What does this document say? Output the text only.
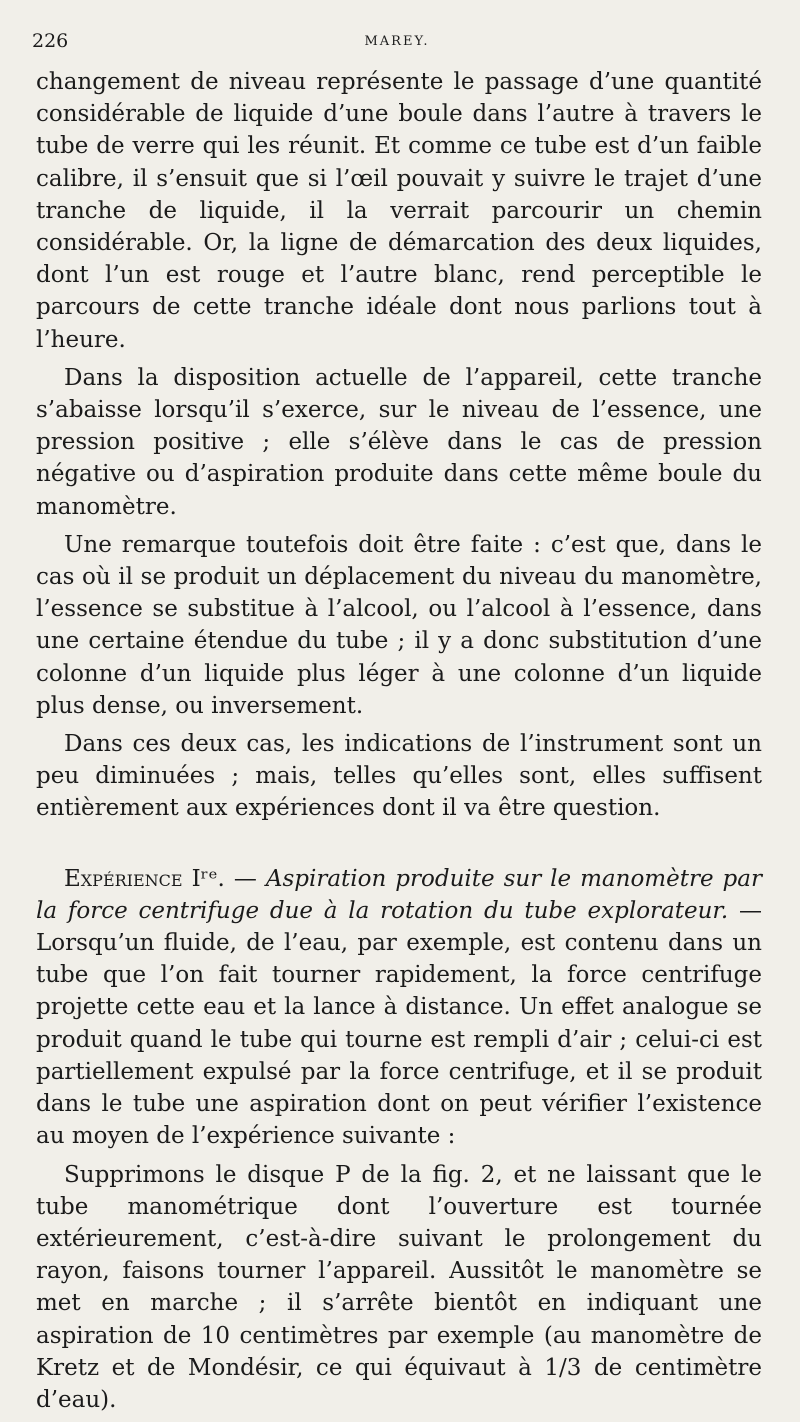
226	MAREY.

changement de niveau représente le passage d’une quantité considérable de liquide d’une boule dans l’autre à travers le tube de verre qui les réunit. Et comme ce tube est d’un faible calibre, il s’ensuit que si l’œil pouvait y suivre le trajet d’une tranche de liquide, il la verrait parcourir un chemin considérable. Or, la ligne de démarcation des deux liquides, dont l’un est rouge et l’autre blanc, rend perceptible le parcours de cette tranche idéale dont nous parlions tout à l’heure.

Dans la disposition actuelle de l’appareil, cette tranche s’abaisse lorsqu’il s’exerce, sur le niveau de l’essence, une pression positive ; elle s’élève dans le cas de pression négative ou d’aspiration produite dans cette même boule du manomètre.

Une remarque toutefois doit être faite : c’est que, dans le cas où il se produit un déplacement du niveau du manomètre, l’essence se substitue à l’alcool, ou l’alcool à l’essence, dans une certaine étendue du tube ; il y a donc substitution d’une colonne d’un liquide plus léger à une colonne d’un liquide plus dense, ou inversement.

Dans ces deux cas, les indications de l’instrument sont un peu diminuées ; mais, telles qu’elles sont, elles suffisent entièrement aux expériences dont il va être question.

Expérience Iʳᵉ. — Aspiration produite sur le manomètre par la force centrifuge due à la rotation du tube explorateur. — Lorsqu’un fluide, de l’eau, par exemple, est contenu dans un tube que l’on fait tourner rapidement, la force centrifuge projette cette eau et la lance à distance. Un effet analogue se produit quand le tube qui tourne est rempli d’air ; celui-ci est partiellement expulsé par la force centrifuge, et il se produit dans le tube une aspiration dont on peut vérifier l’existence au moyen de l’expérience suivante :

Supprimons le disque P de la fig. 2, et ne laissant que le tube manométrique dont l’ouverture est tournée extérieurement, c’est-à-dire suivant le prolongement du rayon, faisons tourner l’appareil. Aussitôt le manomètre se met en marche ; il s’arrête bientôt en indiquant une aspiration de 10 centimètres par exemple (au manomètre de Kretz et de Mondésir, ce qui équivaut à 1/3 de centimètre d’eau).
